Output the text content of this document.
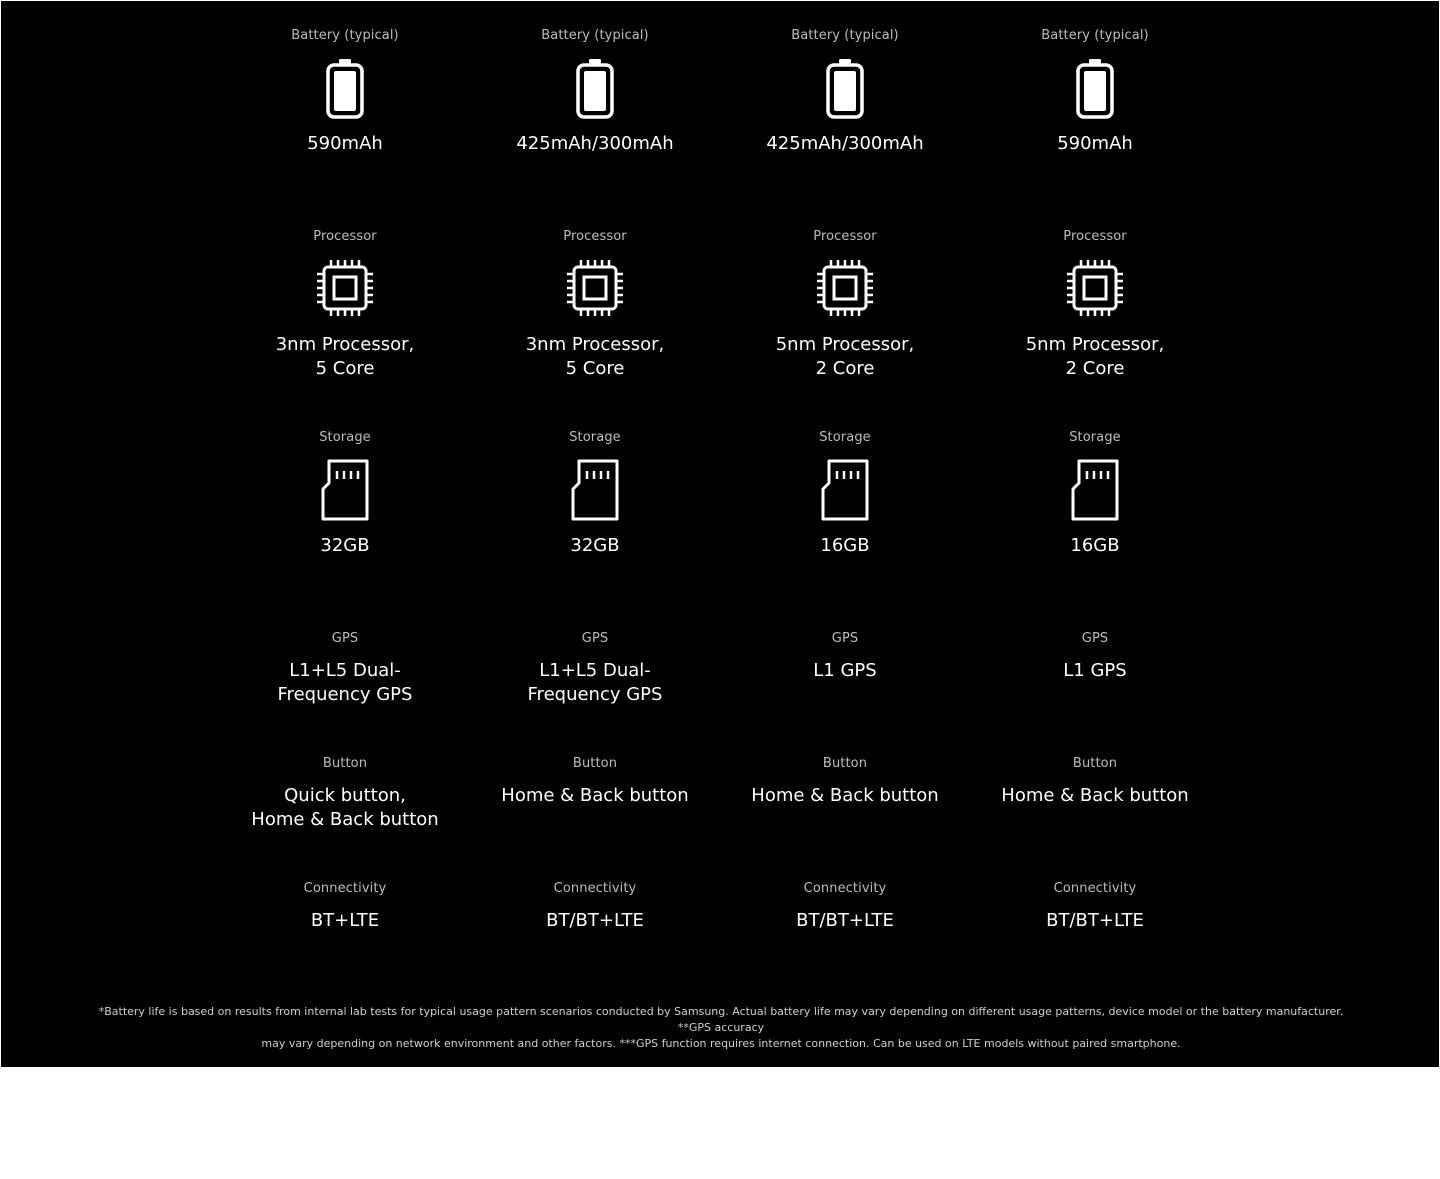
Battery (typical)
590mAh
Processor
3nm Processor,
5 Core
Storage
32GB
GPS
L1+L5 Dual-
Frequency GPS
Button
Quick button,
Home & Back button
Connectivity
BT+LTE
Battery (typical)
425mAh/300mAh
Processor
3nm Processor,
5 Core
Storage
32GB
GPS
L1+L5 Dual-
Frequency GPS
Button
Home & Back button
Connectivity
BT/BT+LTE
Battery (typical)
425mAh/300mAh
Processor
5nm Processor,
2 Core
Storage
16GB
GPS
L1 GPS
Button
Home & Back button
Connectivity
BT/BT+LTE
Battery (typical)
590mAh
Processor
5nm Processor,
2 Core
Storage
16GB
GPS
L1 GPS
Button
Home & Back button
Connectivity
BT/BT+LTE
*Battery life is based on results from internal lab tests for typical usage pattern scenarios conducted by Samsung. Actual battery life may vary depending on different usage patterns, device model or the battery manufacturer. **GPS accuracy
may vary depending on network environment and other factors. ***GPS function requires internet connection. Can be used on LTE models without paired smartphone.
